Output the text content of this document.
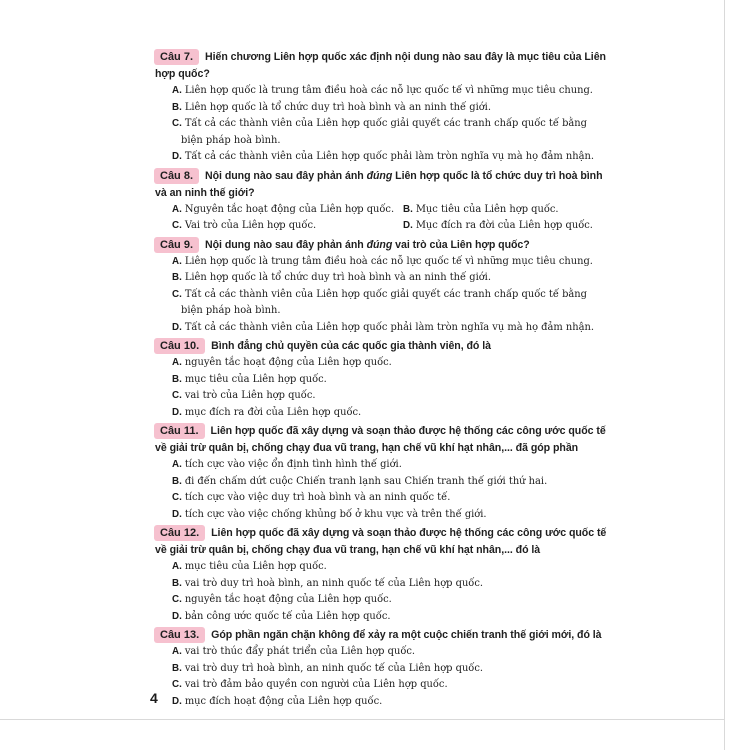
Câu 7. Hiến chương Liên hợp quốc xác định nội dung nào sau đây là mục tiêu của Liên hợp quốc?
A. Liên hợp quốc là trung tâm điều hoà các nỗ lực quốc tế vì những mục tiêu chung.
B. Liên hợp quốc là tổ chức duy trì hoà bình và an ninh thế giới.
C. Tất cả các thành viên của Liên hợp quốc giải quyết các tranh chấp quốc tế bằng biện pháp hoà bình.
D. Tất cả các thành viên của Liên hợp quốc phải làm tròn nghĩa vụ mà họ đảm nhận.
Câu 8. Nội dung nào sau đây phản ánh đúng Liên hợp quốc là tổ chức duy trì hoà bình và an ninh thế giới?
A. Nguyên tắc hoạt động của Liên hợp quốc. B. Mục tiêu của Liên hợp quốc.
C. Vai trò của Liên hợp quốc.	D. Mục đích ra đời của Liên hợp quốc.
Câu 9. Nội dung nào sau đây phản ánh đúng vai trò của Liên hợp quốc?
A. Liên hợp quốc là trung tâm điều hoà các nỗ lực quốc tế vì những mục tiêu chung.
B. Liên hợp quốc là tổ chức duy trì hoà bình và an ninh thế giới.
C. Tất cả các thành viên của Liên hợp quốc giải quyết các tranh chấp quốc tế bằng biện pháp hoà bình.
D. Tất cả các thành viên của Liên hợp quốc phải làm tròn nghĩa vụ mà họ đảm nhận.
Câu 10. Bình đẳng chủ quyền của các quốc gia thành viên, đó là
A. nguyên tắc hoạt động của Liên hợp quốc.
B. mục tiêu của Liên hợp quốc.
C. vai trò của Liên hợp quốc.
D. mục đích ra đời của Liên hợp quốc.
Câu 11. Liên hợp quốc đã xây dựng và soạn thảo được hệ thống các công ước quốc tế về giải trừ quân bị, chống chạy đua vũ trang, hạn chế vũ khí hạt nhân,... đã góp phần
A. tích cực vào việc ổn định tình hình thế giới.
B. đi đến chấm dứt cuộc Chiến tranh lạnh sau Chiến tranh thế giới thứ hai.
C. tích cực vào việc duy trì hoà bình và an ninh quốc tế.
D. tích cực vào việc chống khủng bố ở khu vực và trên thế giới.
Câu 12. Liên hợp quốc đã xây dựng và soạn thảo được hệ thống các công ước quốc tế về giải trừ quân bị, chống chạy đua vũ trang, hạn chế vũ khí hạt nhân,... đó là
A. mục tiêu của Liên hợp quốc.
B. vai trò duy trì hoà bình, an ninh quốc tế của Liên hợp quốc.
C. nguyên tắc hoạt động của Liên hợp quốc.
D. bản công ước quốc tế của Liên hợp quốc.
Câu 13. Góp phần ngăn chặn không để xảy ra một cuộc chiến tranh thế giới mới, đó là
A. vai trò thúc đẩy phát triển của Liên hợp quốc.
B. vai trò duy trì hoà bình, an ninh quốc tế của Liên hợp quốc.
C. vai trò đảm bảo quyền con người của Liên hợp quốc.
D. mục đích hoạt động của Liên hợp quốc.
4
